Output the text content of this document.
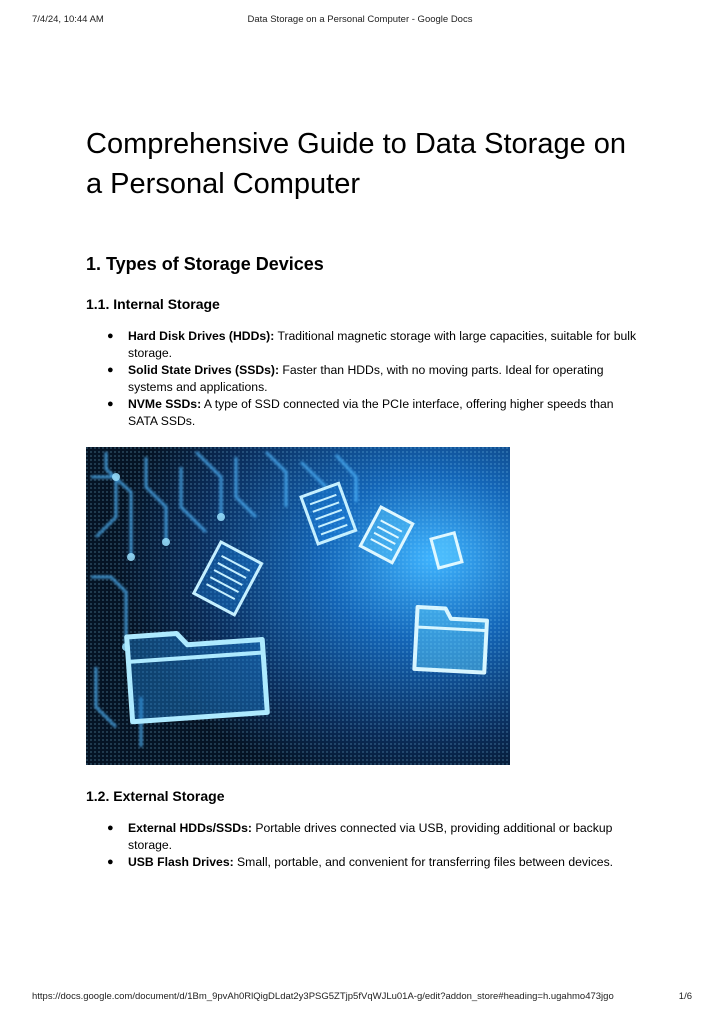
7/4/24, 10:44 AM	Data Storage on a Personal Computer - Google Docs
Comprehensive Guide to Data Storage on a Personal Computer
1. Types of Storage Devices
1.1. Internal Storage
● Hard Disk Drives (HDDs): Traditional magnetic storage with large capacities, suitable for bulk storage.
● Solid State Drives (SSDs): Faster than HDDs, with no moving parts. Ideal for operating systems and applications.
● NVMe SSDs: A type of SSD connected via the PCIe interface, offering higher speeds than SATA SSDs.
1.2. External Storage
● External HDDs/SSDs: Portable drives connected via USB, providing additional or backup storage.
● USB Flash Drives: Small, portable, and convenient for transferring files between devices.
https://docs.google.com/document/d/1Bm_9pvAh0RlQigDLdat2y3PSG5ZTjp5fVqWJLu01A-g/edit?addon_store#heading=h.ugahmo473jgo	1/6
